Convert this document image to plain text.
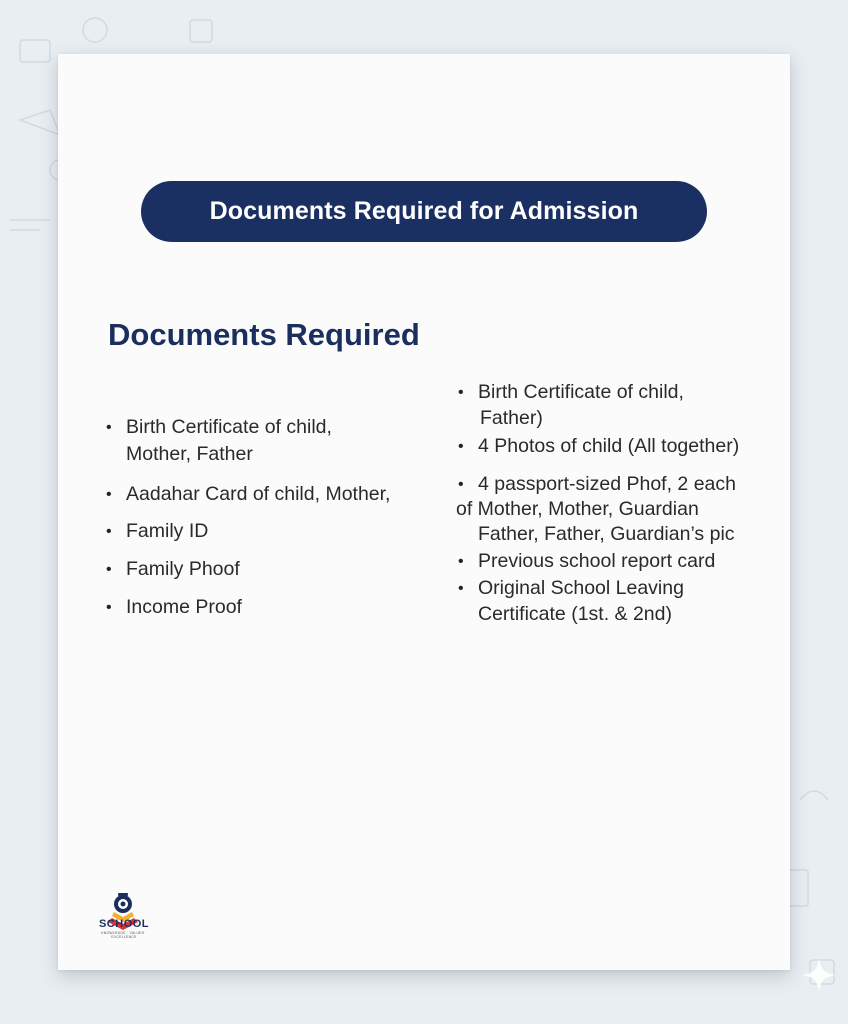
Documents Required for Admission
Documents Required
• Birth Certificate of child,
Mother, Father
• Aadahar Card of child, Mother,
• Family ID
• Family Phoof
• Income Proof
• Birth Certificate of child,
Father)
• 4 Photos of child (All together)
• 4 passport-sized Phof, 2 each
of Mother, Mother, Guardian
Father, Father, Guardian’s pic
• Previous school report card
• Original School Leaving
Certificate (1st. & 2nd)
SCHOOL
KNOWLEDGE · VALUES · EXCELLENCE
